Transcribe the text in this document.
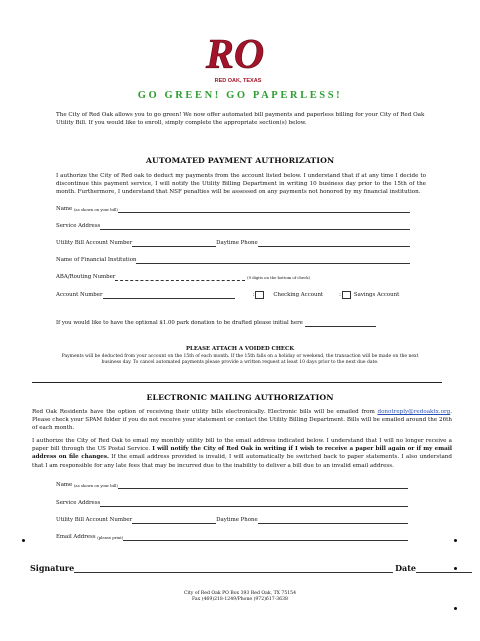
RO
RED OAK, TEXAS
GO GREEN! GO PAPERLESS!
The City of Red Oak allows you to go green! We now offer automated bill payments and paperless billing for your City of Red Oak Utility Bill. If you would like to enroll, simply complete the appropriate section(s) below.
AUTOMATED PAYMENT AUTHORIZATION
I authorize the City of Red oak to deduct my payments from the account listed below. I understand that if at any time I decide to discontinue this payment service, I will notify the Utility Billing Department in writing 10 business day prior to the 15th of the month. Furthermore, I understand that NSF penalties will be assessed on any payments not honored by my financial institution.
Name
(as shown on your bill)
Service Address
Utility Bill Account Number	Daytime Phone
Name of Financial Institution
ABA/Routing Number
	(9 digits on the bottom of check)
Account Number	:	Checking Account	: Savings Account
If you would like to have the optional $1.00 park donation to be drafted please initial here

PLEASE ATTACH A VOIDED CHECK
Payments will be deducted from your account on the 15th of each month. If the 15th falls on a holiday or weekend, the transaction will be made on the next business day. To cancel automated payments please provide a written request at least 10 days prior to the next due date.
ELECTRONIC MAILING AUTHORIZATION
Red Oak Residents have the option of receiving their utility bills electronically. Electronic bills will be emailed from donotreply@redoaktx.org. Please check your SPAM folder if you do not receive your statement or contact the Utility Billing Department. Bills will be emailed around the 26th of each month.
I authorize the City of Red Oak to email my monthly utility bill to the email address indicated below. I understand that I will no longer receive a paper bill through the US Postal Service. I will notify the City of Red Oak in writing if I wish to receive a paper bill again or if my email address on file changes. If the email address provided is invalid, I will automatically be switched back to paper statements. I also understand that I am responsible for any late fees that may be incurred due to the inability to deliver a bill due to an invalid email address.
Name
(as shown on your bill)
Service Address
Utility Bill Account Number	Daytime Phone
Email Address
(please print)
Signature	Date
City of Red Oak PO Box 393 Red Oak, TX 75154
Fax (469)218-1249/Phone (972)617-3638
